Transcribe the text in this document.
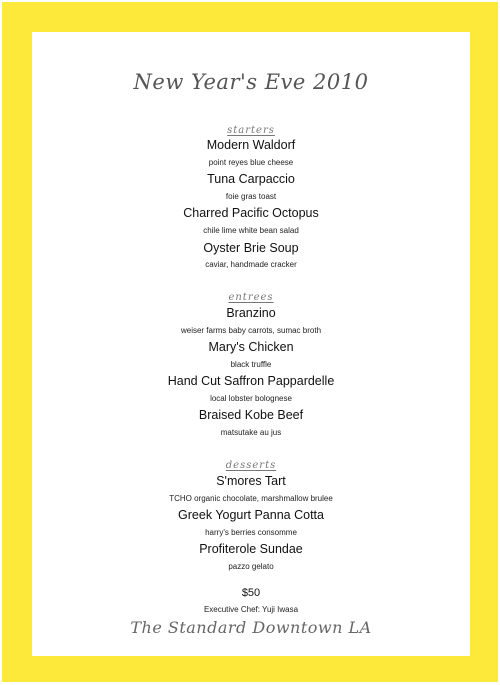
New Year's Eve 2010
starters
Modern Waldorf
point reyes blue cheese
Tuna Carpaccio
foie gras toast
Charred Pacific Octopus
chile lime white bean salad
Oyster Brie Soup
caviar, handmade cracker
entrees
Branzino
weiser farms baby carrots, sumac broth
Mary's Chicken
black truffle
Hand Cut Saffron Pappardelle
local lobster bolognese
Braised Kobe Beef
matsutake au jus
desserts
S'mores Tart
TCHO organic chocolate, marshmallow brulee
Greek Yogurt Panna Cotta
harry's berries consomme
Profiterole Sundae
pazzo gelato
$50
Executive Chef: Yuji Iwasa
The Standard Downtown LA
